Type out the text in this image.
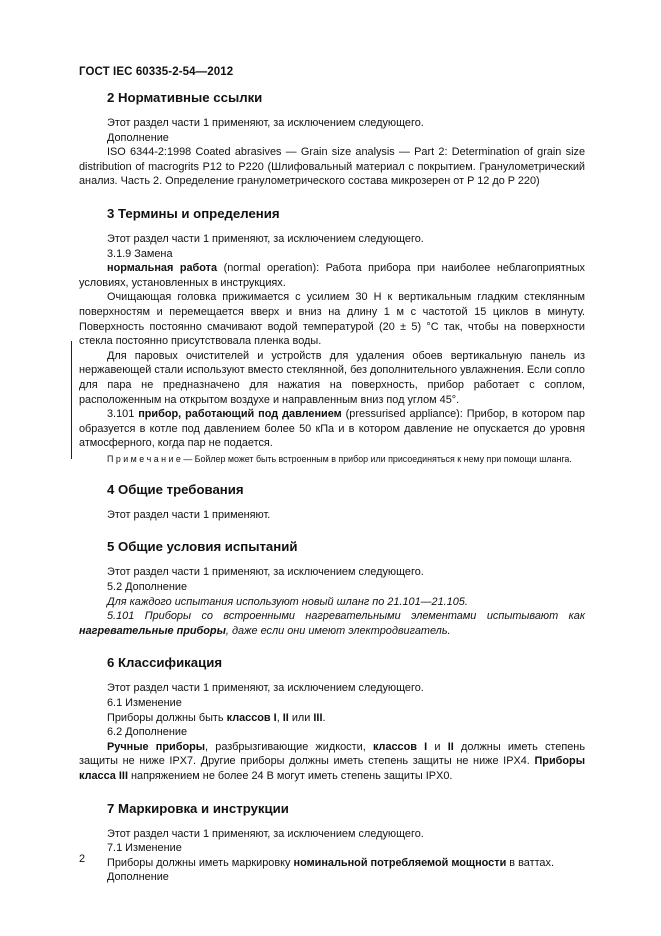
ГОСТ IEC 60335-2-54—2012
2 Нормативные ссылки

Этот раздел части 1 применяют, за исключением следующего.

Дополнение

ISO 6344-2:1998 Coated abrasives — Grain size analysis — Part 2: Determination of grain size distribution of macrogrits P12 to P220 (Шлифовальный материал с покрытием. Гранулометрический анализ. Часть 2. Определение гранулометрического состава микрозерен от P 12 до P 220)

3 Термины и определения

Этот раздел части 1 применяют, за исключением следующего.

3.1.9 Замена

нормальная работа (normal operation): Работа прибора при наиболее неблагоприятных условиях, установленных в инструкциях.

Очищающая головка прижимается с усилием 30 Н к вертикальным гладким стеклянным поверхностям и перемещается вверх и вниз на длину 1 м с частотой 15 циклов в минуту. Поверхность постоянно смачивают водой температурой (20 ± 5) °С так, чтобы на поверхности стекла постоянно присутствовала пленка воды.

Для паровых очистителей и устройств для удаления обоев вертикальную панель из нержавеющей стали используют вместо стеклянной, без дополнительного увлажнения. Если сопло для пара не предназначено для нажатия на поверхность, прибор работает с соплом, расположенным на открытом воздухе и направленным вниз под углом 45°.

3.101 прибор, работающий под давлением (pressurised appliance): Прибор, в котором пар образуется в котле под давлением более 50 кПа и в котором давление не опускается до уровня атмосферного, когда пар не подается.

П р и м е ч а н и е — Бойлер может быть встроенным в прибор или присоединяться к нему при помощи шланга.

4 Общие требования

Этот раздел части 1 применяют.

5 Общие условия испытаний

Этот раздел части 1 применяют, за исключением следующего.

5.2 Дополнение

Для каждого испытания используют новый шланг по 21.101—21.105.

5.101 Приборы со встроенными нагревательными элементами испытывают как нагревательные приборы, даже если они имеют электродвигатель.

6 Классификация

Этот раздел части 1 применяют, за исключением следующего.

6.1 Изменение

Приборы должны быть классов I, II или III.

6.2 Дополнение

Ручные приборы, разбрызгивающие жидкости, классов I и II должны иметь степень защиты не ниже IPX7. Другие приборы должны иметь степень защиты не ниже IPX4. Приборы класса III напряжением не более 24 В могут иметь степень защиты IPX0.

7 Маркировка и инструкции

Этот раздел части 1 применяют, за исключением следующего.

7.1 Изменение

Приборы должны иметь маркировку номинальной потребляемой мощности в ваттах.

Дополнение

2
